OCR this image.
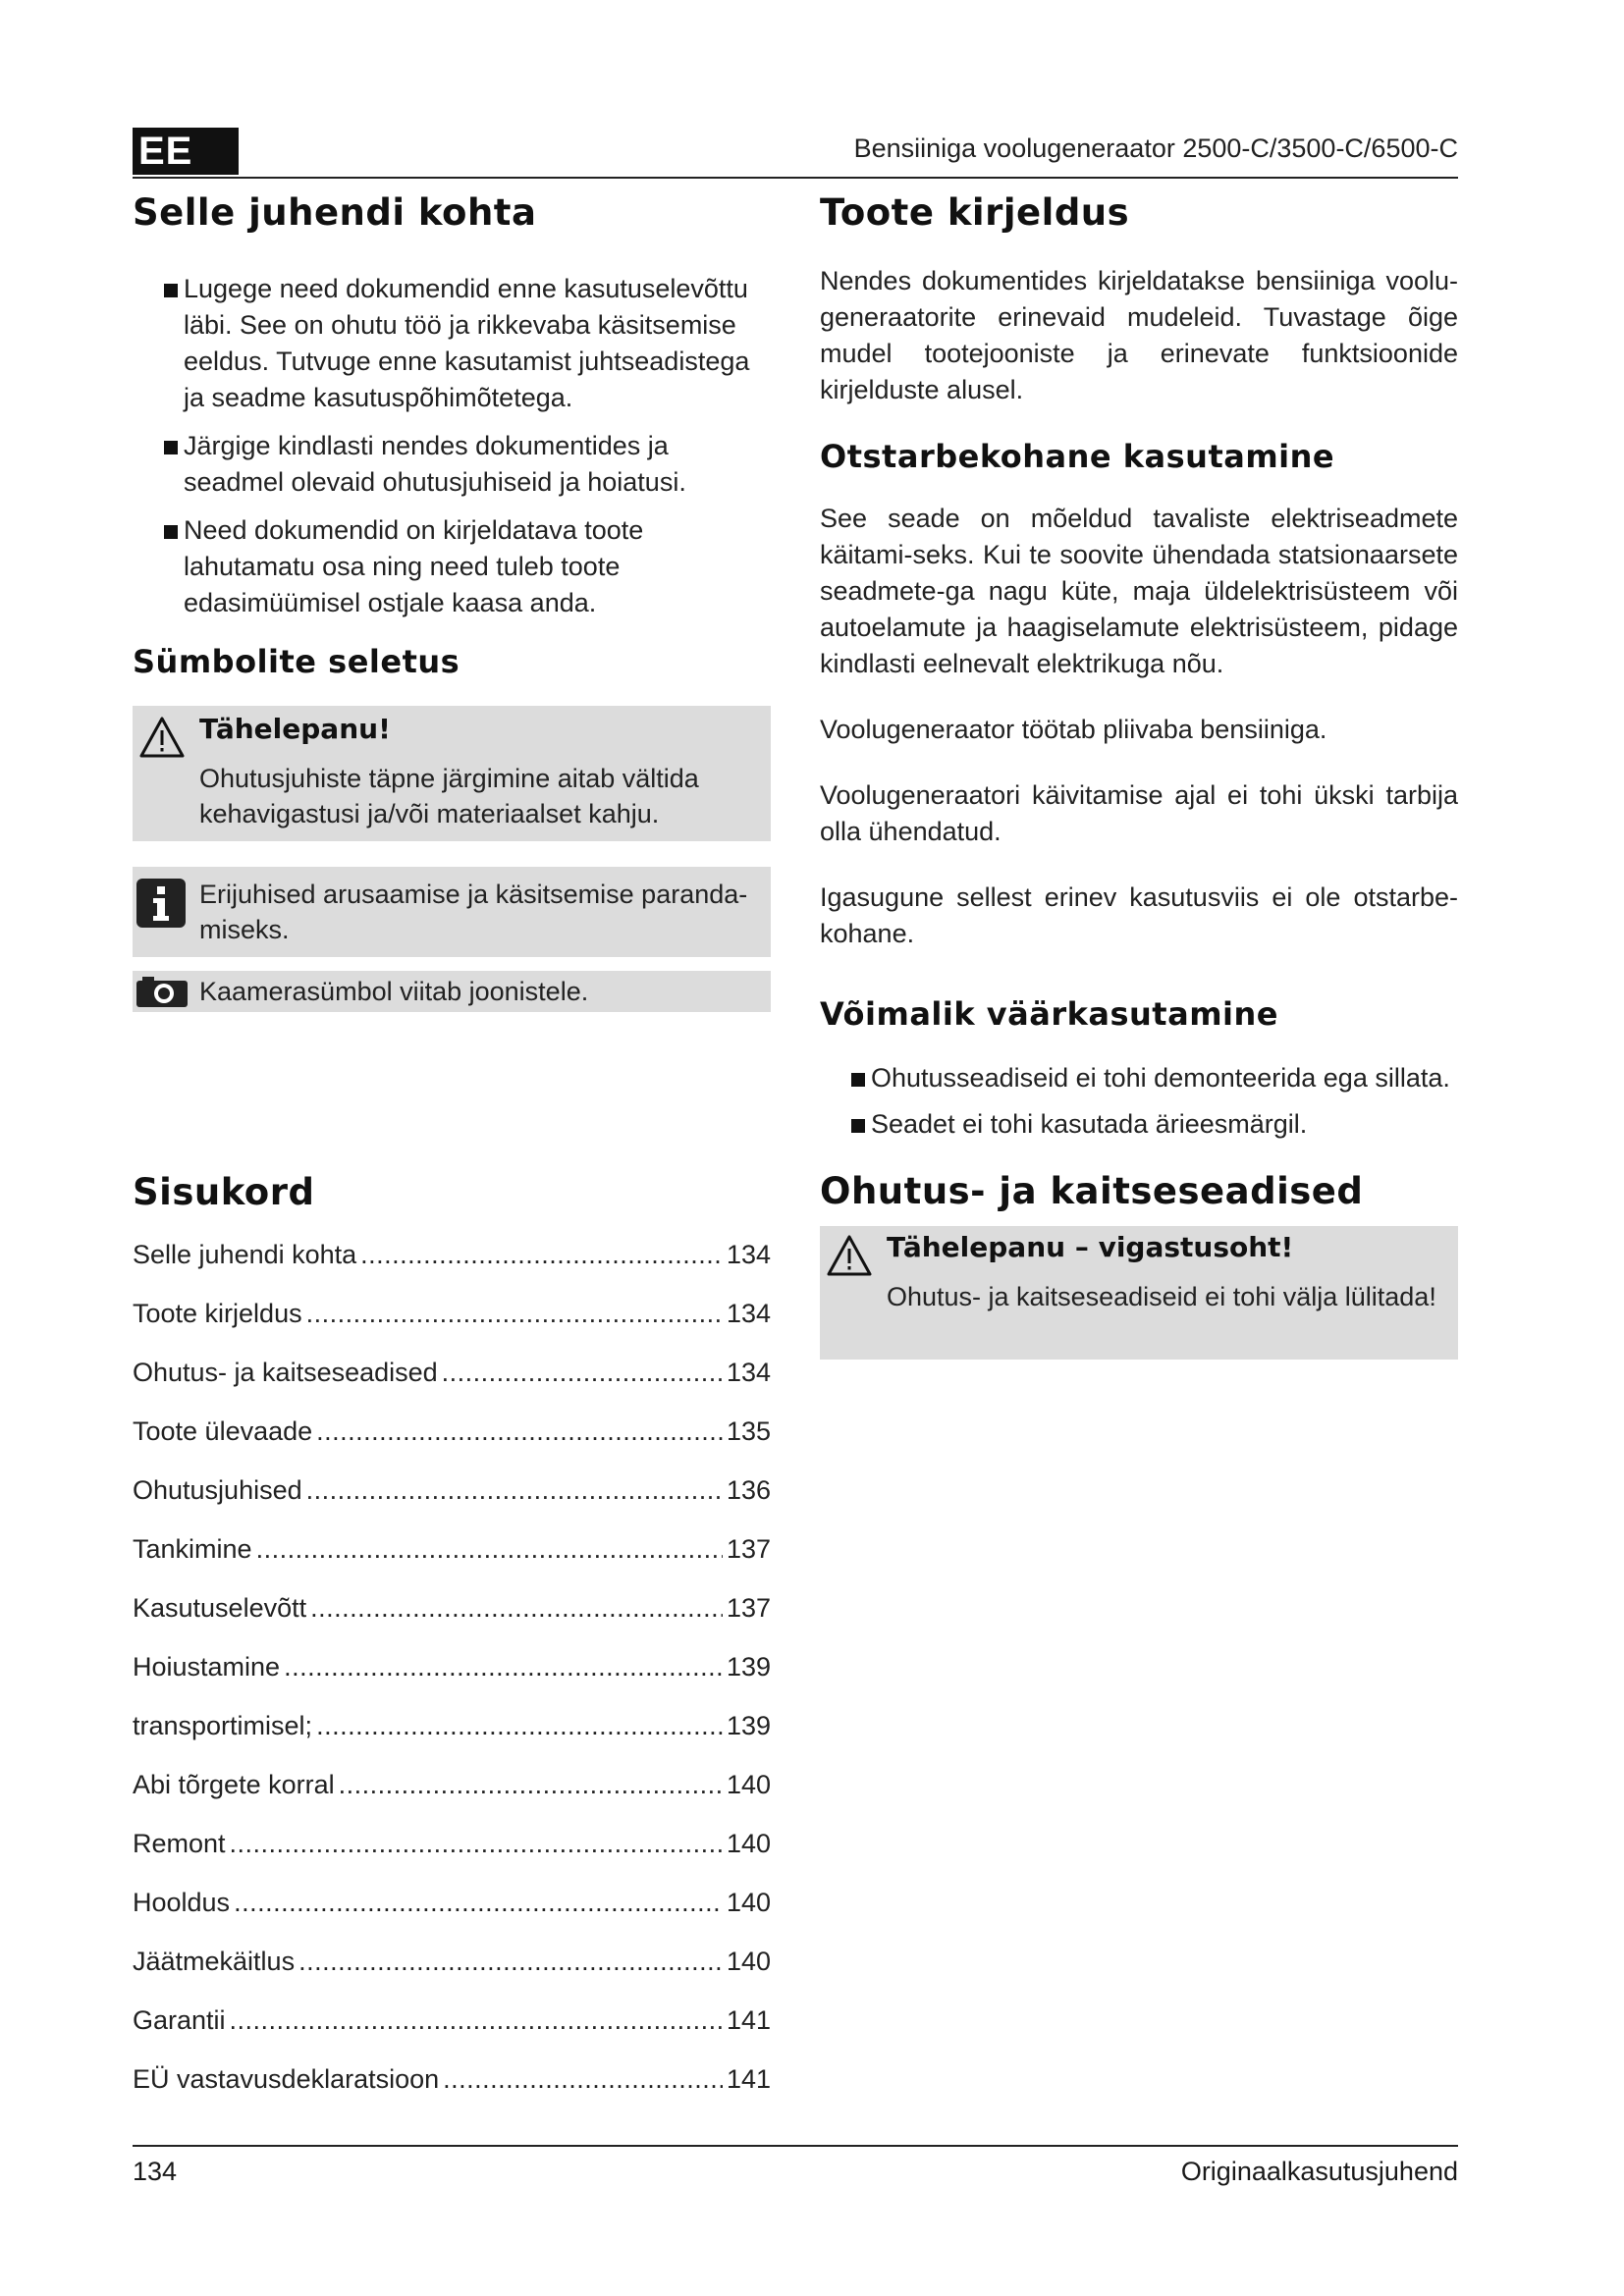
EE	Bensiiniga voolugeneraator 2500-C/3500-C/6500-C
Selle juhendi kohta
Lugege need dokumendid enne kasutuselevõttu läbi. See on ohutu töö ja rikkevaba käsitsemise eeldus. Tutvuge enne kasutamist juhtseadistega ja seadme kasutuspõhimõtetega.
Järgige kindlasti nendes dokumentides ja seadmel olevaid ohutusjuhiseid ja hoiatusi.
Need dokumendid on kirjeldatava toote lahutamatu osa ning need tuleb toote edasimüümisel ostjale kaasa anda.
Sümbolite seletus
Tähelepanu!
Ohutusjuhiste täpne järgimine aitab vältida kehavigastusi ja/või materiaalset kahju.
Erijuhised arusaamise ja käsitsemise paranda-miseks.
Kaamerasümbol viitab joonistele.
Sisukord
Selle juhendi kohta .....	134
Toote kirjeldus .....	134
Ohutus- ja kaitseseadised .....	134
Toote ülevaade .....	135
Ohutusjuhised .....	136
Tankimine .....	137
Kasutuselevõtt .....	137
Hoiustamine .....	139
transportimisel; .....	139
Abi tõrgete korral .....	140
Remont .....	140
Hooldus .....	140
Jäätmekäitlus .....	140
Garantii .....	141
EÜ vastavusdeklaratsioon .....	141
Toote kirjeldus

Nendes dokumentides kirjeldatakse bensiiniga voolu-generaatorite erinevaid mudeleid. Tuvastage õige mudel tootejooniste ja erinevate funktsioonide kirjelduste alusel.

Otstarbekohane kasutamine

See seade on mõeldud tavaliste elektriseadmete käitami-seks. Kui te soovite ühendada statsionaarsete seadmete-ga nagu küte, maja üldelektrisüsteem või autoelamute ja haagiselamute elektrisüsteem, pidage kindlasti eelnevalt elektrikuga nõu.

Voolugeneraator töötab pliivaba bensiiniga.

Voolugeneraatori käivitamise ajal ei tohi ükski tarbija olla ühendatud.

Igasugune sellest erinev kasutusviis ei ole otstarbe-kohane.

Võimalik väärkasutamine
Ohutusseadiseid ei tohi demonteerida ega sillata.
Seadet ei tohi kasutada ärieesmärgil.
Ohutus- ja kaitseseadised
Tähelepanu – vigastusoht!
Ohutus- ja kaitseseadiseid ei tohi välja lülitada!
134	Originaalkasutusjuhend
